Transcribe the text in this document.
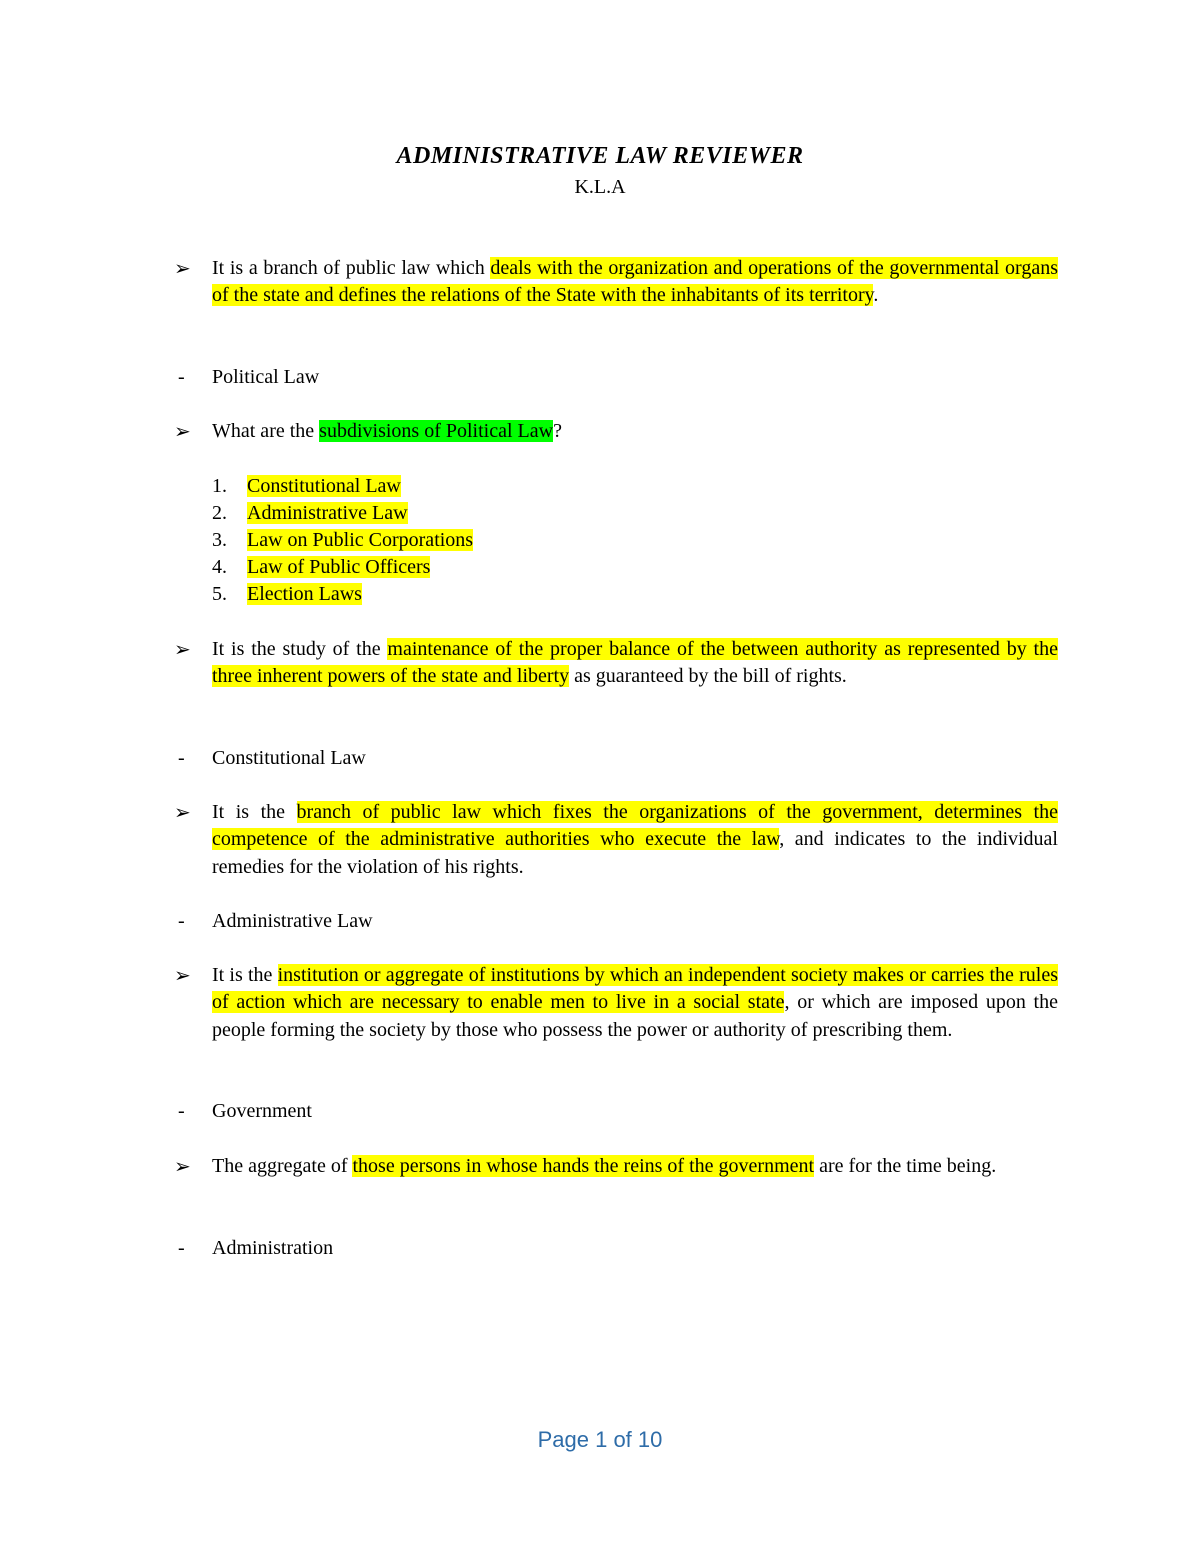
ADMINISTRATIVE LAW REVIEWER
K.L.A
➢ It is a branch of public law which deals with the organization and operations of the governmental organs of the state and defines the relations of the State with the inhabitants of its territory.
- Political Law
➢ What are the subdivisions of Political Law?
1. Constitutional Law
2. Administrative Law
3. Law on Public Corporations
4. Law of Public Officers
5. Election Laws
➢ It is the study of the maintenance of the proper balance of the between authority as represented by the three inherent powers of the state and liberty as guaranteed by the bill of rights.
- Constitutional Law
➢ It is the branch of public law which fixes the organizations of the government, determines the competence of the administrative authorities who execute the law, and indicates to the individual remedies for the violation of his rights.
- Administrative Law
➢ It is the institution or aggregate of institutions by which an independent society makes or carries the rules of action which are necessary to enable men to live in a social state, or which are imposed upon the people forming the society by those who possess the power or authority of prescribing them.
- Government
➢ The aggregate of those persons in whose hands the reins of the government are for the time being.
- Administration
Page 1 of 10
